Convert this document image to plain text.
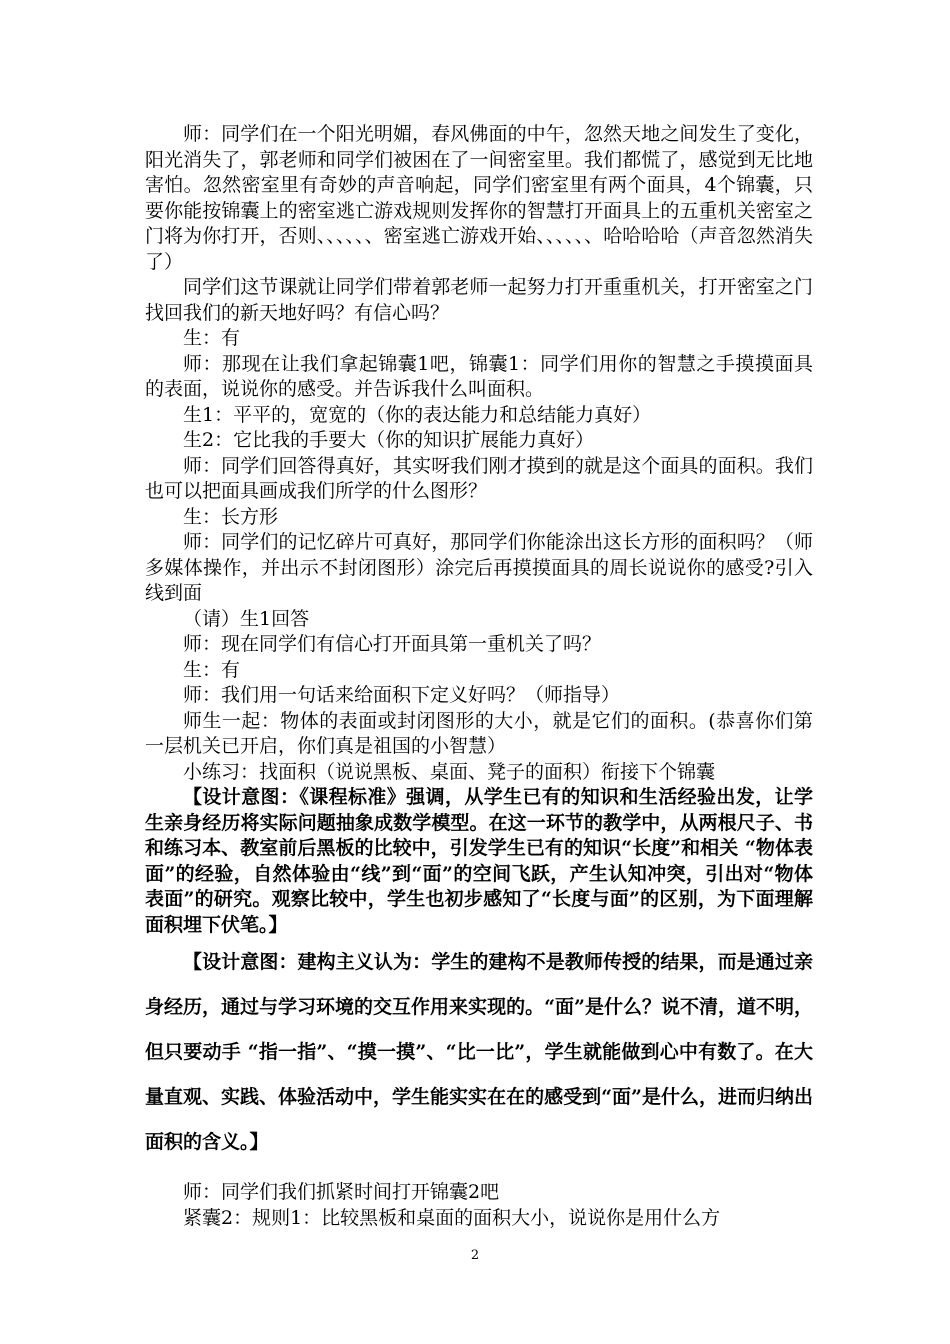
师：同学们在一个阳光明媚，春风佛面的中午，忽然天地之间发生了变化，阳光消失了，郭老师和同学们被困在了一间密室里。我们都慌了，感觉到无比地害怕。忽然密室里有奇妙的声音响起，同学们密室里有两个面具，4个锦囊，只要你能按锦囊上的密室逃亡游戏规则发挥你的智慧打开面具上的五重机关密室之门将为你打开，否则、、、、、、密室逃亡游戏开始、、、、、、哈哈哈哈（声音忽然消失了）

同学们这节课就让同学们带着郭老师一起努力打开重重机关，打开密室之门找回我们的新天地好吗？有信心吗？

生：有

师：那现在让我们拿起锦囊1吧，锦囊1：同学们用你的智慧之手摸摸面具的表面，说说你的感受。并告诉我什么叫面积。

生1：平平的，宽宽的（你的表达能力和总结能力真好）

生2：它比我的手要大（你的知识扩展能力真好）

师：同学们回答得真好，其实呀我们刚才摸到的就是这个面具的面积。我们也可以把面具画成我们所学的什么图形？

生：长方形

师：同学们的记忆碎片可真好，那同学们你能涂出这长方形的面积吗？（师多媒体操作，并出示不封闭图形）涂完后再摸摸面具的周长说说你的感受?引入线到面

（请）生1回答

师：现在同学们有信心打开面具第一重机关了吗？

生：有

师：我们用一句话来给面积下定义好吗？（师指导）

师生一起：物体的表面或封闭图形的大小，就是它们的面积。(恭喜你们第一层机关已开启，你们真是祖国的小智慧）

小练习：找面积（说说黑板、桌面、凳子的面积）衔接下个锦囊

【设计意图：《课程标准》强调，从学生已有的知识和生活经验出发，让学生亲身经历将实际问题抽象成数学模型。在这一环节的教学中，从两根尺子、书和练习本、教室前后黑板的比较中，引发学生已有的知识“长度”和相关 “物体表面”的经验，自然体验由“线”到“面”的空间飞跃，产生认知冲突，引出对“物体表面”的研究。观察比较中，学生也初步感知了“长度与面”的区别，为下面理解面积埋下伏笔。】

【设计意图：建构主义认为：学生的建构不是教师传授的结果，而是通过亲身经历，通过与学习环境的交互作用来实现的。“面”是什么？说不清，道不明，但只要动手 “指一指”、“摸一摸”、“比一比”，学生就能做到心中有数了。在大量直观、实践、体验活动中，学生能实实在在的感受到“面”是什么，进而归纳出面积的含义。】

师：同学们我们抓紧时间打开锦囊2吧

紧囊2：规则1：比较黑板和桌面的面积大小，说说你是用什么方

2
